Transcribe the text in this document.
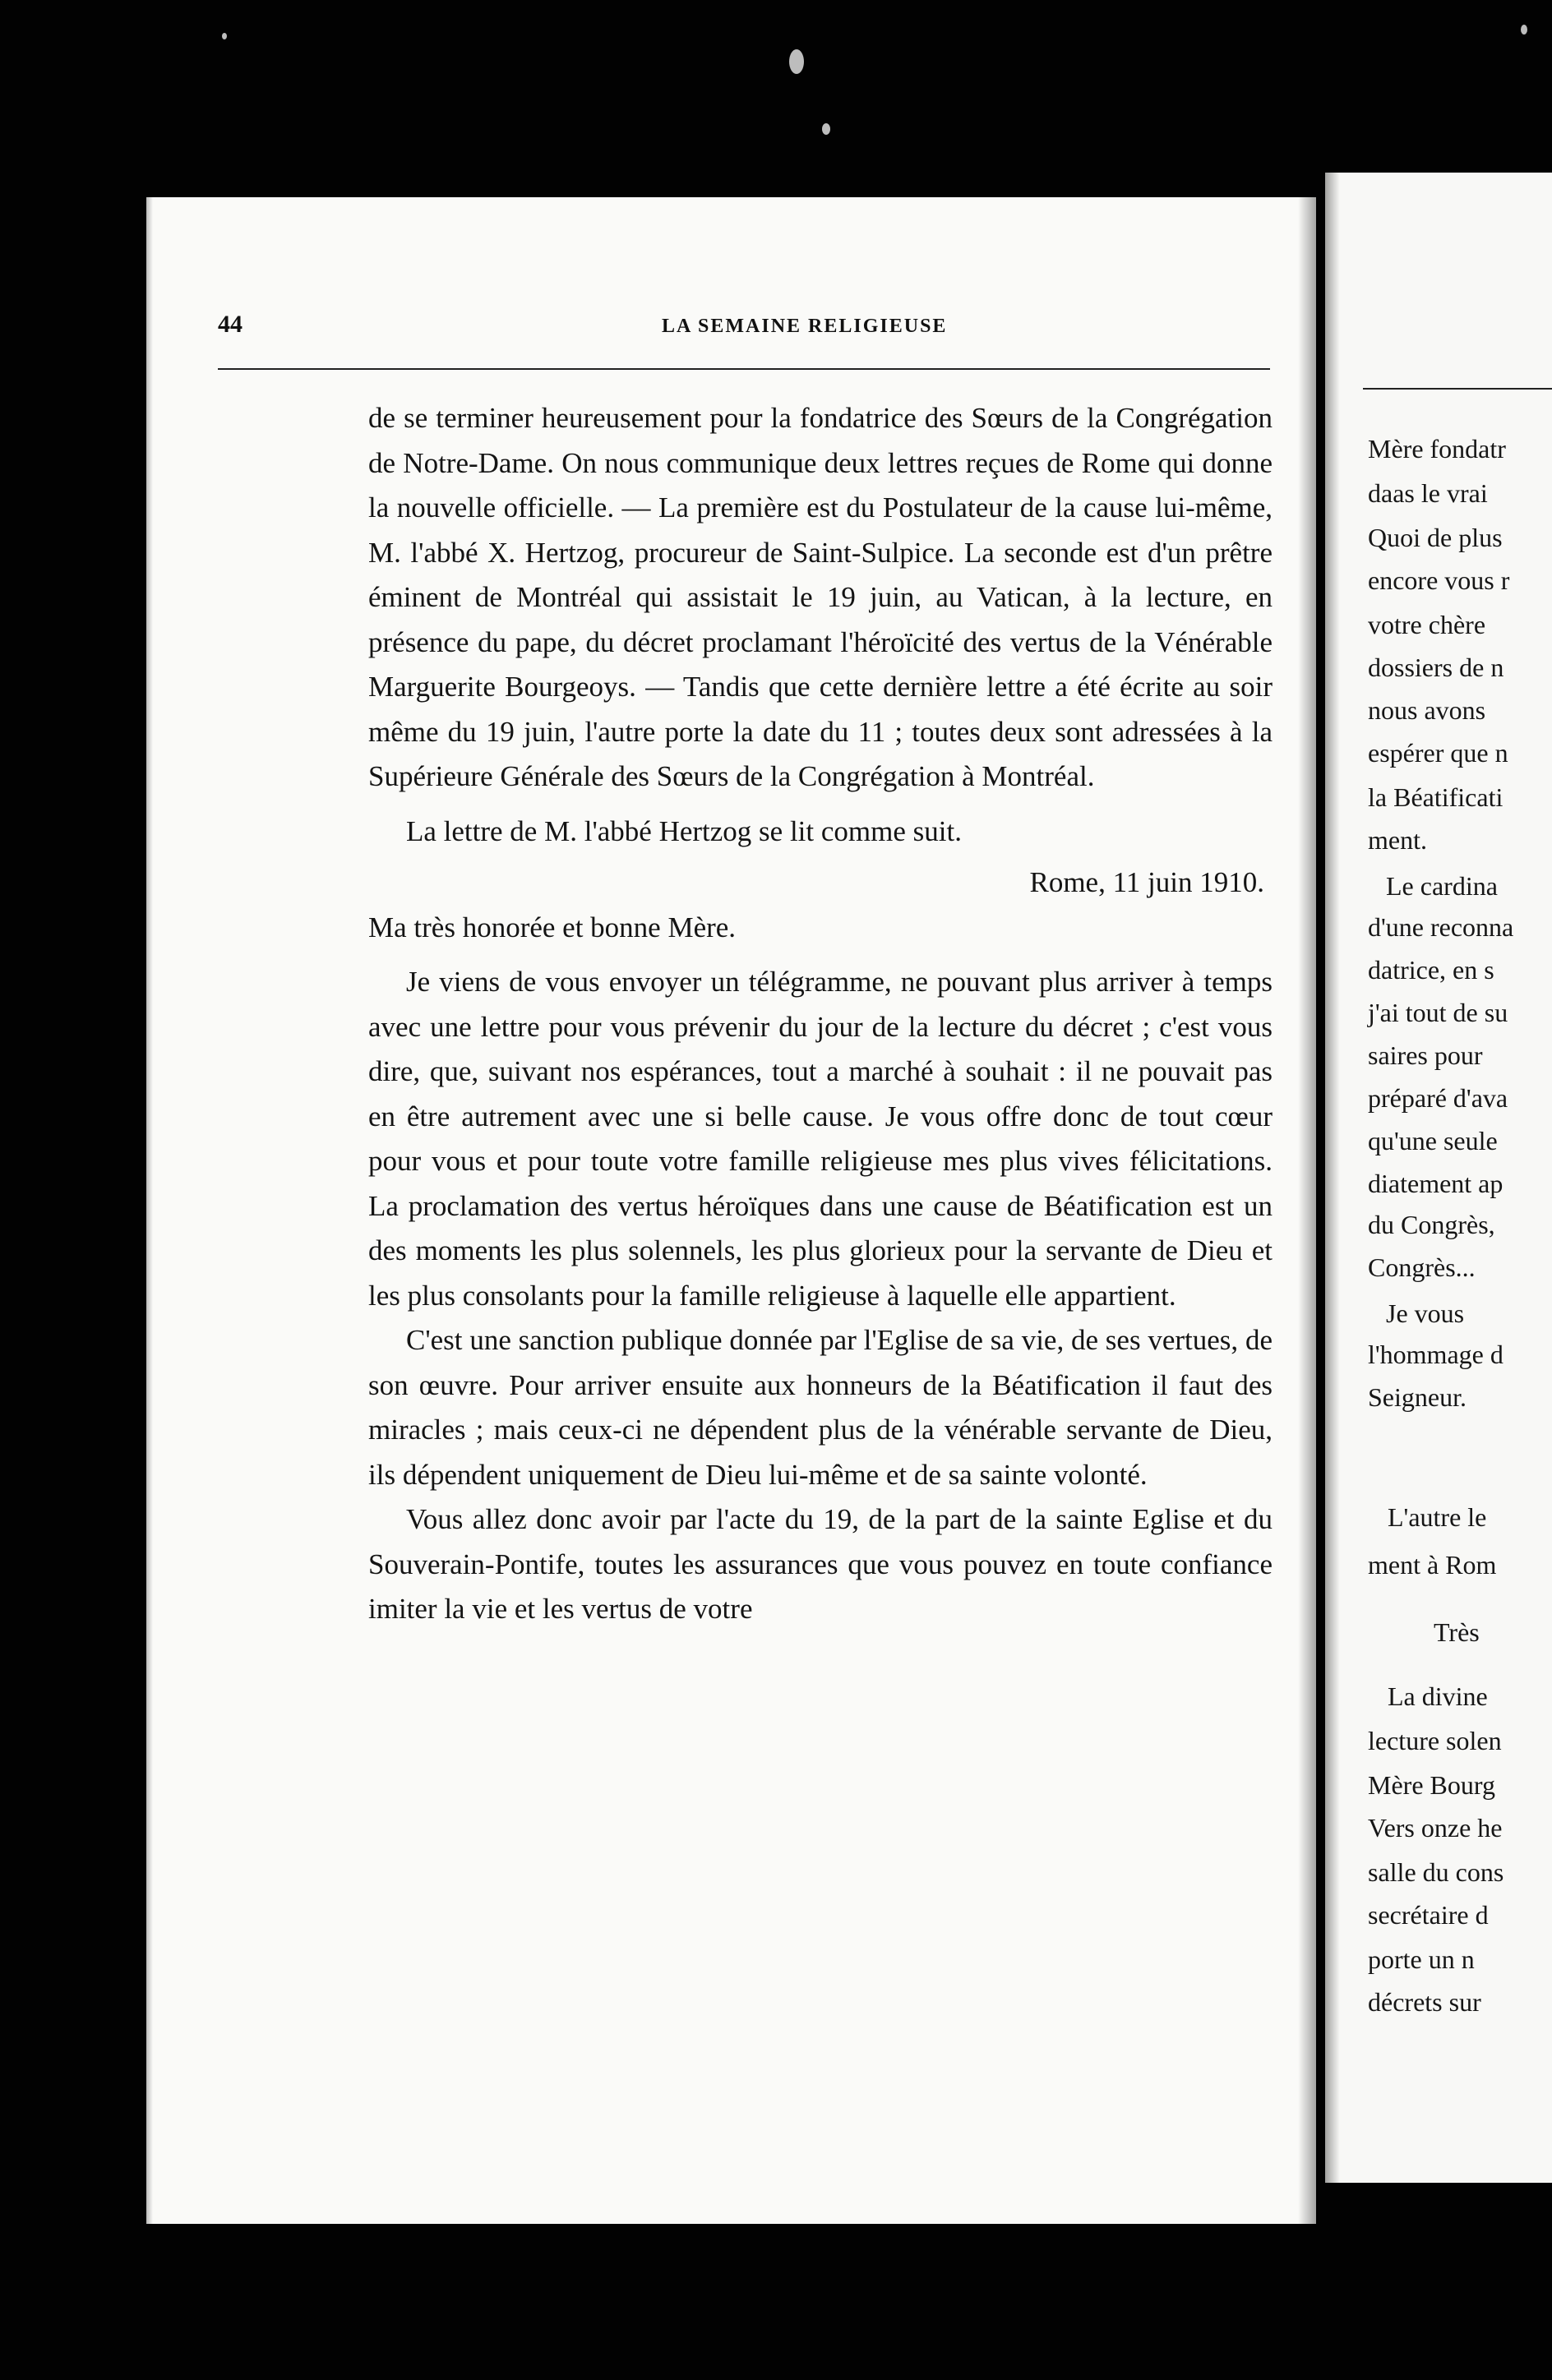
Mère fondatr
daas le vrai
Quoi de plus
encore vous r
votre chère
dossiers de n
nous avons
espérer que n
la Béatificati
ment.
Le cardina
d'une reconna
datrice, en s
j'ai tout de su
saires pour
préparé d'ava
qu'une seule
diatement ap
du Congrès,
Congrès...
Je vous
l'hommage d
Seigneur.
L'autre le
ment à Rom
Très
La divine
lecture solen
Mère Bourg
Vers onze he
salle du cons
secrétaire d
porte un n
décrets sur
44	LA SEMAINE RELIGIEUSE

de se terminer heureusement pour la fondatrice des Sœurs de la Congrégation de Notre-Dame. On nous communique deux lettres reçues de Rome qui donne la nouvelle officielle. — La première est du Postulateur de la cause lui-même, M. l'abbé X. Hertzog, procureur de Saint-Sulpice. La seconde est d'un prêtre éminent de Montréal qui assistait le 19 juin, au Vatican, à la lecture, en présence du pape, du décret proclamant l'héroïcité des vertus de la Vénérable Marguerite Bourgeoys. — Tandis que cette dernière lettre a été écrite au soir même du 19 juin, l'autre porte la date du 11 ; toutes deux sont adressées à la Supérieure Générale des Sœurs de la Congrégation à Montréal.

La lettre de M. l'abbé Hertzog se lit comme suit.

Rome, 11 juin 1910.

Ma très honorée et bonne Mère.

Je viens de vous envoyer un télégramme, ne pouvant plus arriver à temps avec une lettre pour vous prévenir du jour de la lecture du décret ; c'est vous dire, que, suivant nos espérances, tout a marché à souhait : il ne pouvait pas en être autrement avec une si belle cause. Je vous offre donc de tout cœur pour vous et pour toute votre famille religieuse mes plus vives félicitations. La proclamation des vertus héroïques dans une cause de Béatification est un des moments les plus solennels, les plus glorieux pour la servante de Dieu et les plus consolants pour la famille religieuse à laquelle elle appartient.

C'est une sanction publique donnée par l'Eglise de sa vie, de ses vertues, de son œuvre. Pour arriver ensuite aux honneurs de la Béatification il faut des miracles ; mais ceux-ci ne dépendent plus de la vénérable servante de Dieu, ils dépendent uniquement de Dieu lui-même et de sa sainte volonté.

Vous allez donc avoir par l'acte du 19, de la part de la sainte Eglise et du Souverain-Pontife, toutes les assurances que vous pouvez en toute confiance imiter la vie et les vertus de votre
